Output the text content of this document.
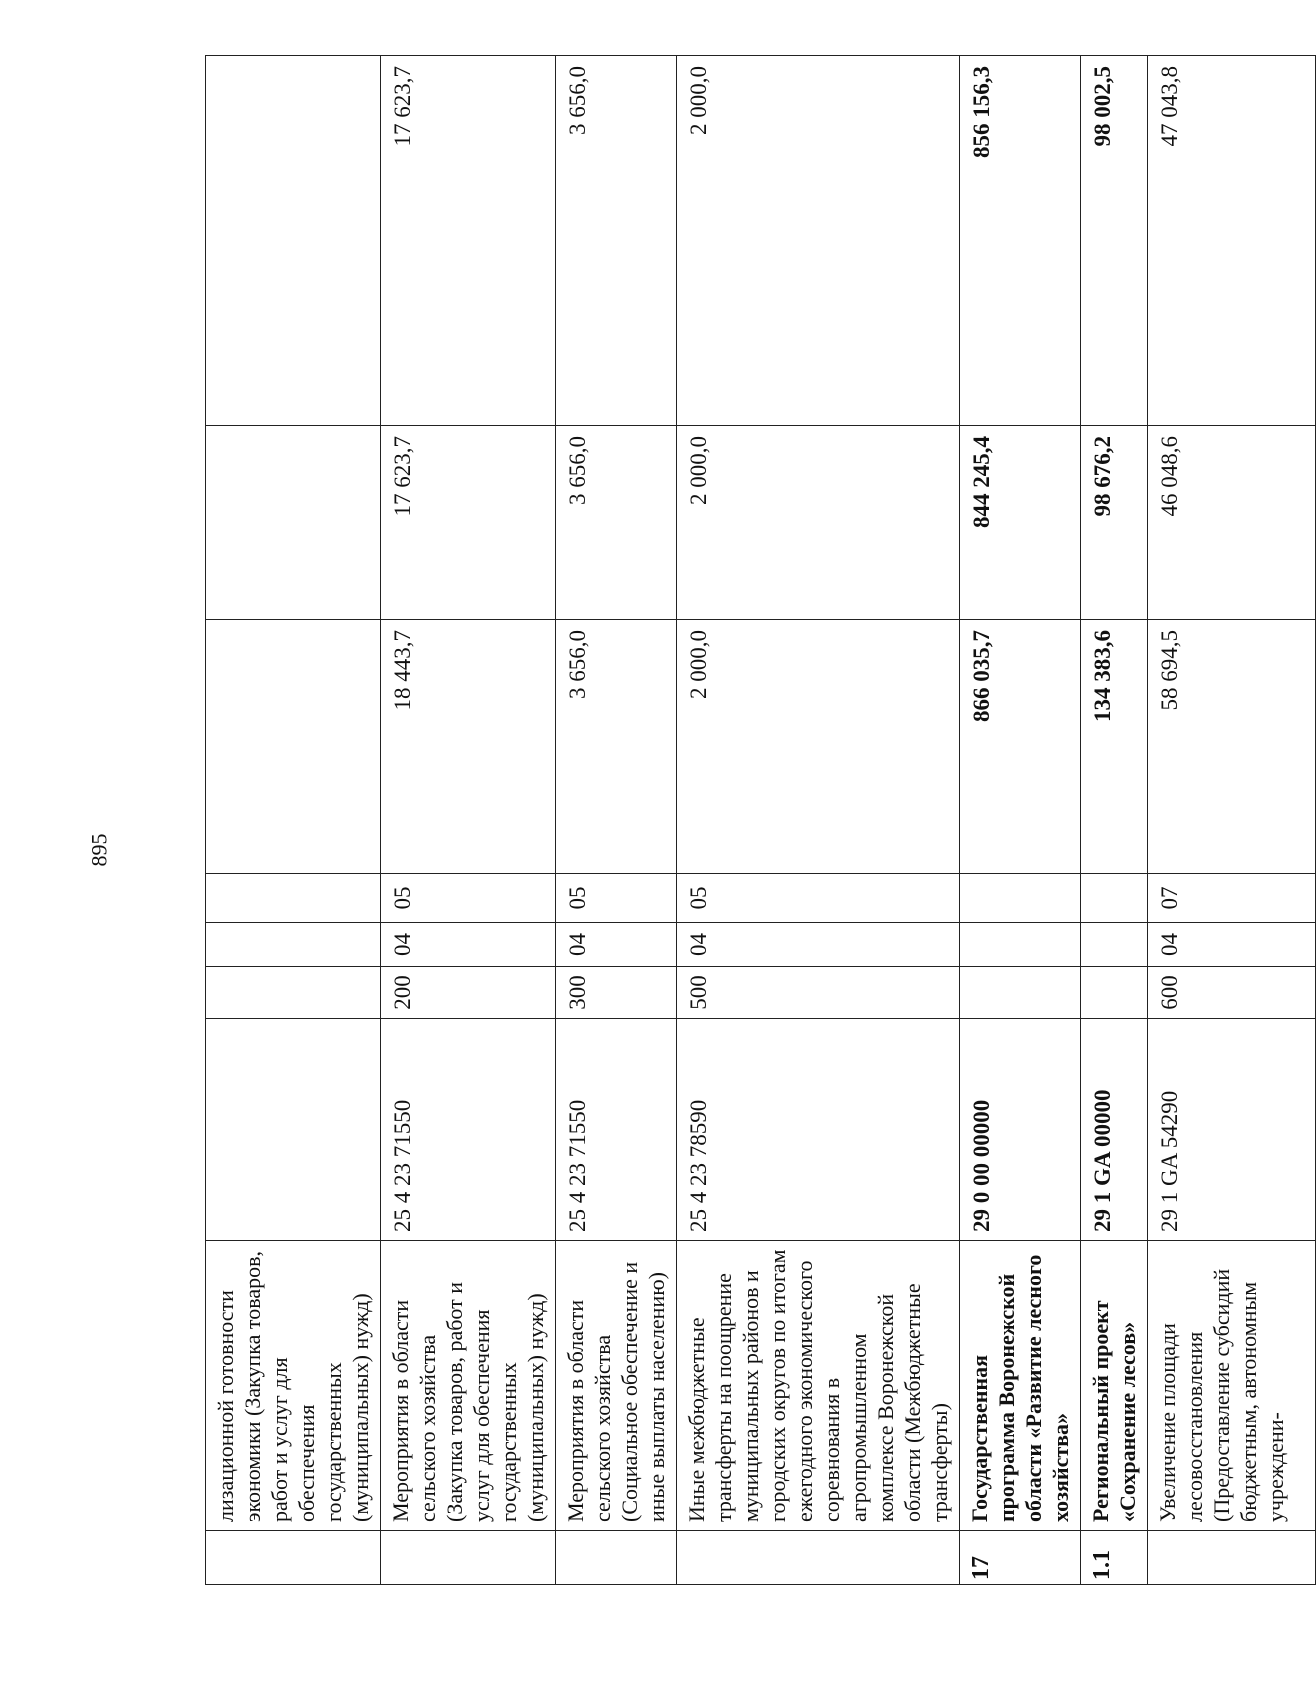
895
	лизационной готовности экономики (Закупка товаров, работ и услуг для обеспечения государственных (муниципальных) нужд)							
	Мероприятия в области сельского хозяйства (Закупка товаров, работ и услуг для обеспечения государственных (муниципальных) нужд)	25 4 23 71550	200	04	05	18 443,7	17 623,7	17 623,7
	Мероприятия в области сельского хозяйства (Социальное обеспечение и иные выплаты населению)	25 4 23 71550	300	04	05	3 656,0	3 656,0	3 656,0
	Иные межбюджетные трансферты на поощрение муниципальных районов и городских округов по итогам ежегодного экономического соревнования в агропромышленном комплексе Воронежской области (Межбюджетные трансферты)	25 4 23 78590	500	04	05	2 000,0	2 000,0	2 000,0
17	Государственная программа Воронежской области «Развитие лесного хозяйства»	29 0 00 00000				866 035,7	844 245,4	856 156,3
1.1	Региональный проект «Сохранение лесов»	29 1 GA 00000				134 383,6	98 676,2	98 002,5
	Увеличение площади лесовосстановления (Предоставление субсидий бюджетным, автономным учреждени-	29 1 GA 54290	600	04	07	58 694,5	46 048,6	47 043,8
